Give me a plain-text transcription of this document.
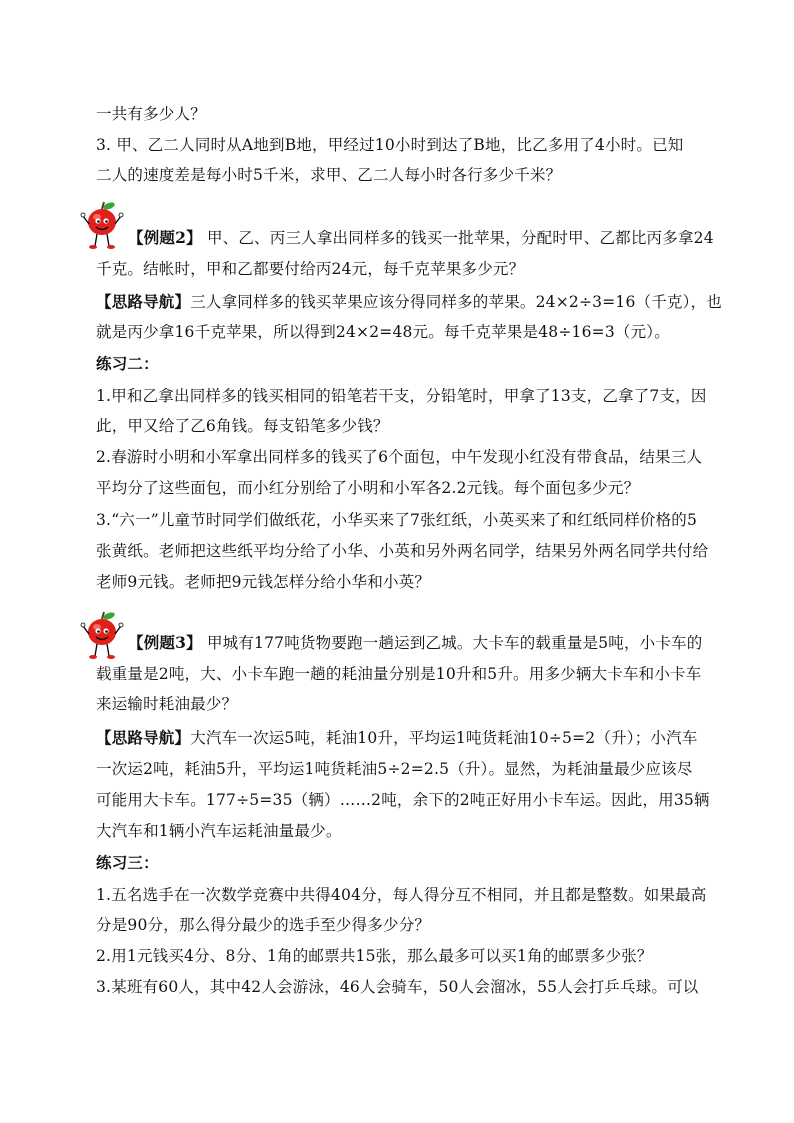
一共有多少人？
3. 甲、乙二人同时从A地到B地，甲经过10小时到达了B地，比乙多用了4小时。已知
二人的速度差是每小时5千米，求甲、乙二人每小时各行多少千米？
【例题2】 甲、乙、丙三人拿出同样多的钱买一批苹果，分配时甲、乙都比丙多拿24
千克。结帐时，甲和乙都要付给丙24元，每千克苹果多少元？
【思路导航】三人拿同样多的钱买苹果应该分得同样多的苹果。24×2÷3=16（千克），也
就是丙少拿16千克苹果，所以得到24×2=48元。每千克苹果是48÷16=3（元）。
练习二：
1.甲和乙拿出同样多的钱买相同的铅笔若干支，分铅笔时，甲拿了13支，乙拿了7支，因
此，甲又给了乙6角钱。每支铅笔多少钱？
2.春游时小明和小军拿出同样多的钱买了6个面包，中午发现小红没有带食品，结果三人
平均分了这些面包，而小红分别给了小明和小军各2.2元钱。每个面包多少元？
3.“六一”儿童节时同学们做纸花，小华买来了7张红纸，小英买来了和红纸同样价格的5
张黄纸。老师把这些纸平均分给了小华、小英和另外两名同学，结果另外两名同学共付给
老师9元钱。老师把9元钱怎样分给小华和小英？
【例题3】 甲城有177吨货物要跑一趟运到乙城。大卡车的载重量是5吨，小卡车的
载重量是2吨，大、小卡车跑一趟的耗油量分别是10升和5升。用多少辆大卡车和小卡车
来运输时耗油最少？
【思路导航】大汽车一次运5吨，耗油10升，平均运1吨货耗油10÷5=2（升）；小汽车
一次运2吨，耗油5升，平均运1吨货耗油5÷2=2.5（升）。显然，为耗油量最少应该尽
可能用大卡车。177÷5=35（辆）……2吨，余下的2吨正好用小卡车运。因此，用35辆
大汽车和1辆小汽车运耗油量最少。
练习三：
1.五名选手在一次数学竞赛中共得404分，每人得分互不相同，并且都是整数。如果最高
分是90分，那么得分最少的选手至少得多少分？
2.用1元钱买4分、8分、1角的邮票共15张，那么最多可以买1角的邮票多少张？
3.某班有60人，其中42人会游泳，46人会骑车，50人会溜冰，55人会打乒乓球。可以
